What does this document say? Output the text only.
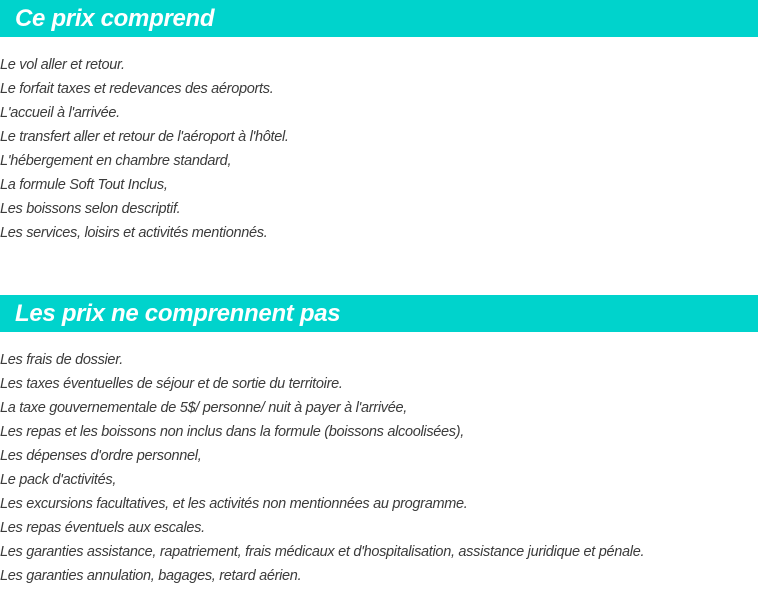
Ce prix comprend
Le vol aller et retour.
Le forfait taxes et redevances des aéroports.
L'accueil à l'arrivée.
Le transfert aller et retour de l'aéroport à l'hôtel.
L'hébergement en chambre standard,
La formule Soft Tout Inclus,
Les boissons selon descriptif.
Les services, loisirs et activités mentionnés.
Les prix ne comprennent pas
Les frais de dossier.
Les taxes éventuelles de séjour et de sortie du territoire.
La taxe gouvernementale de 5$/ personne/ nuit à payer à l'arrivée,
Les repas et les boissons non inclus dans la formule (boissons alcoolisées),
Les dépenses d'ordre personnel,
Le pack d'activités,
Les excursions facultatives, et les activités non mentionnées au programme.
Les repas éventuels aux escales.
Les garanties assistance, rapatriement, frais médicaux et d'hospitalisation, assistance juridique et pénale.
Les garanties annulation, bagages, retard aérien.
